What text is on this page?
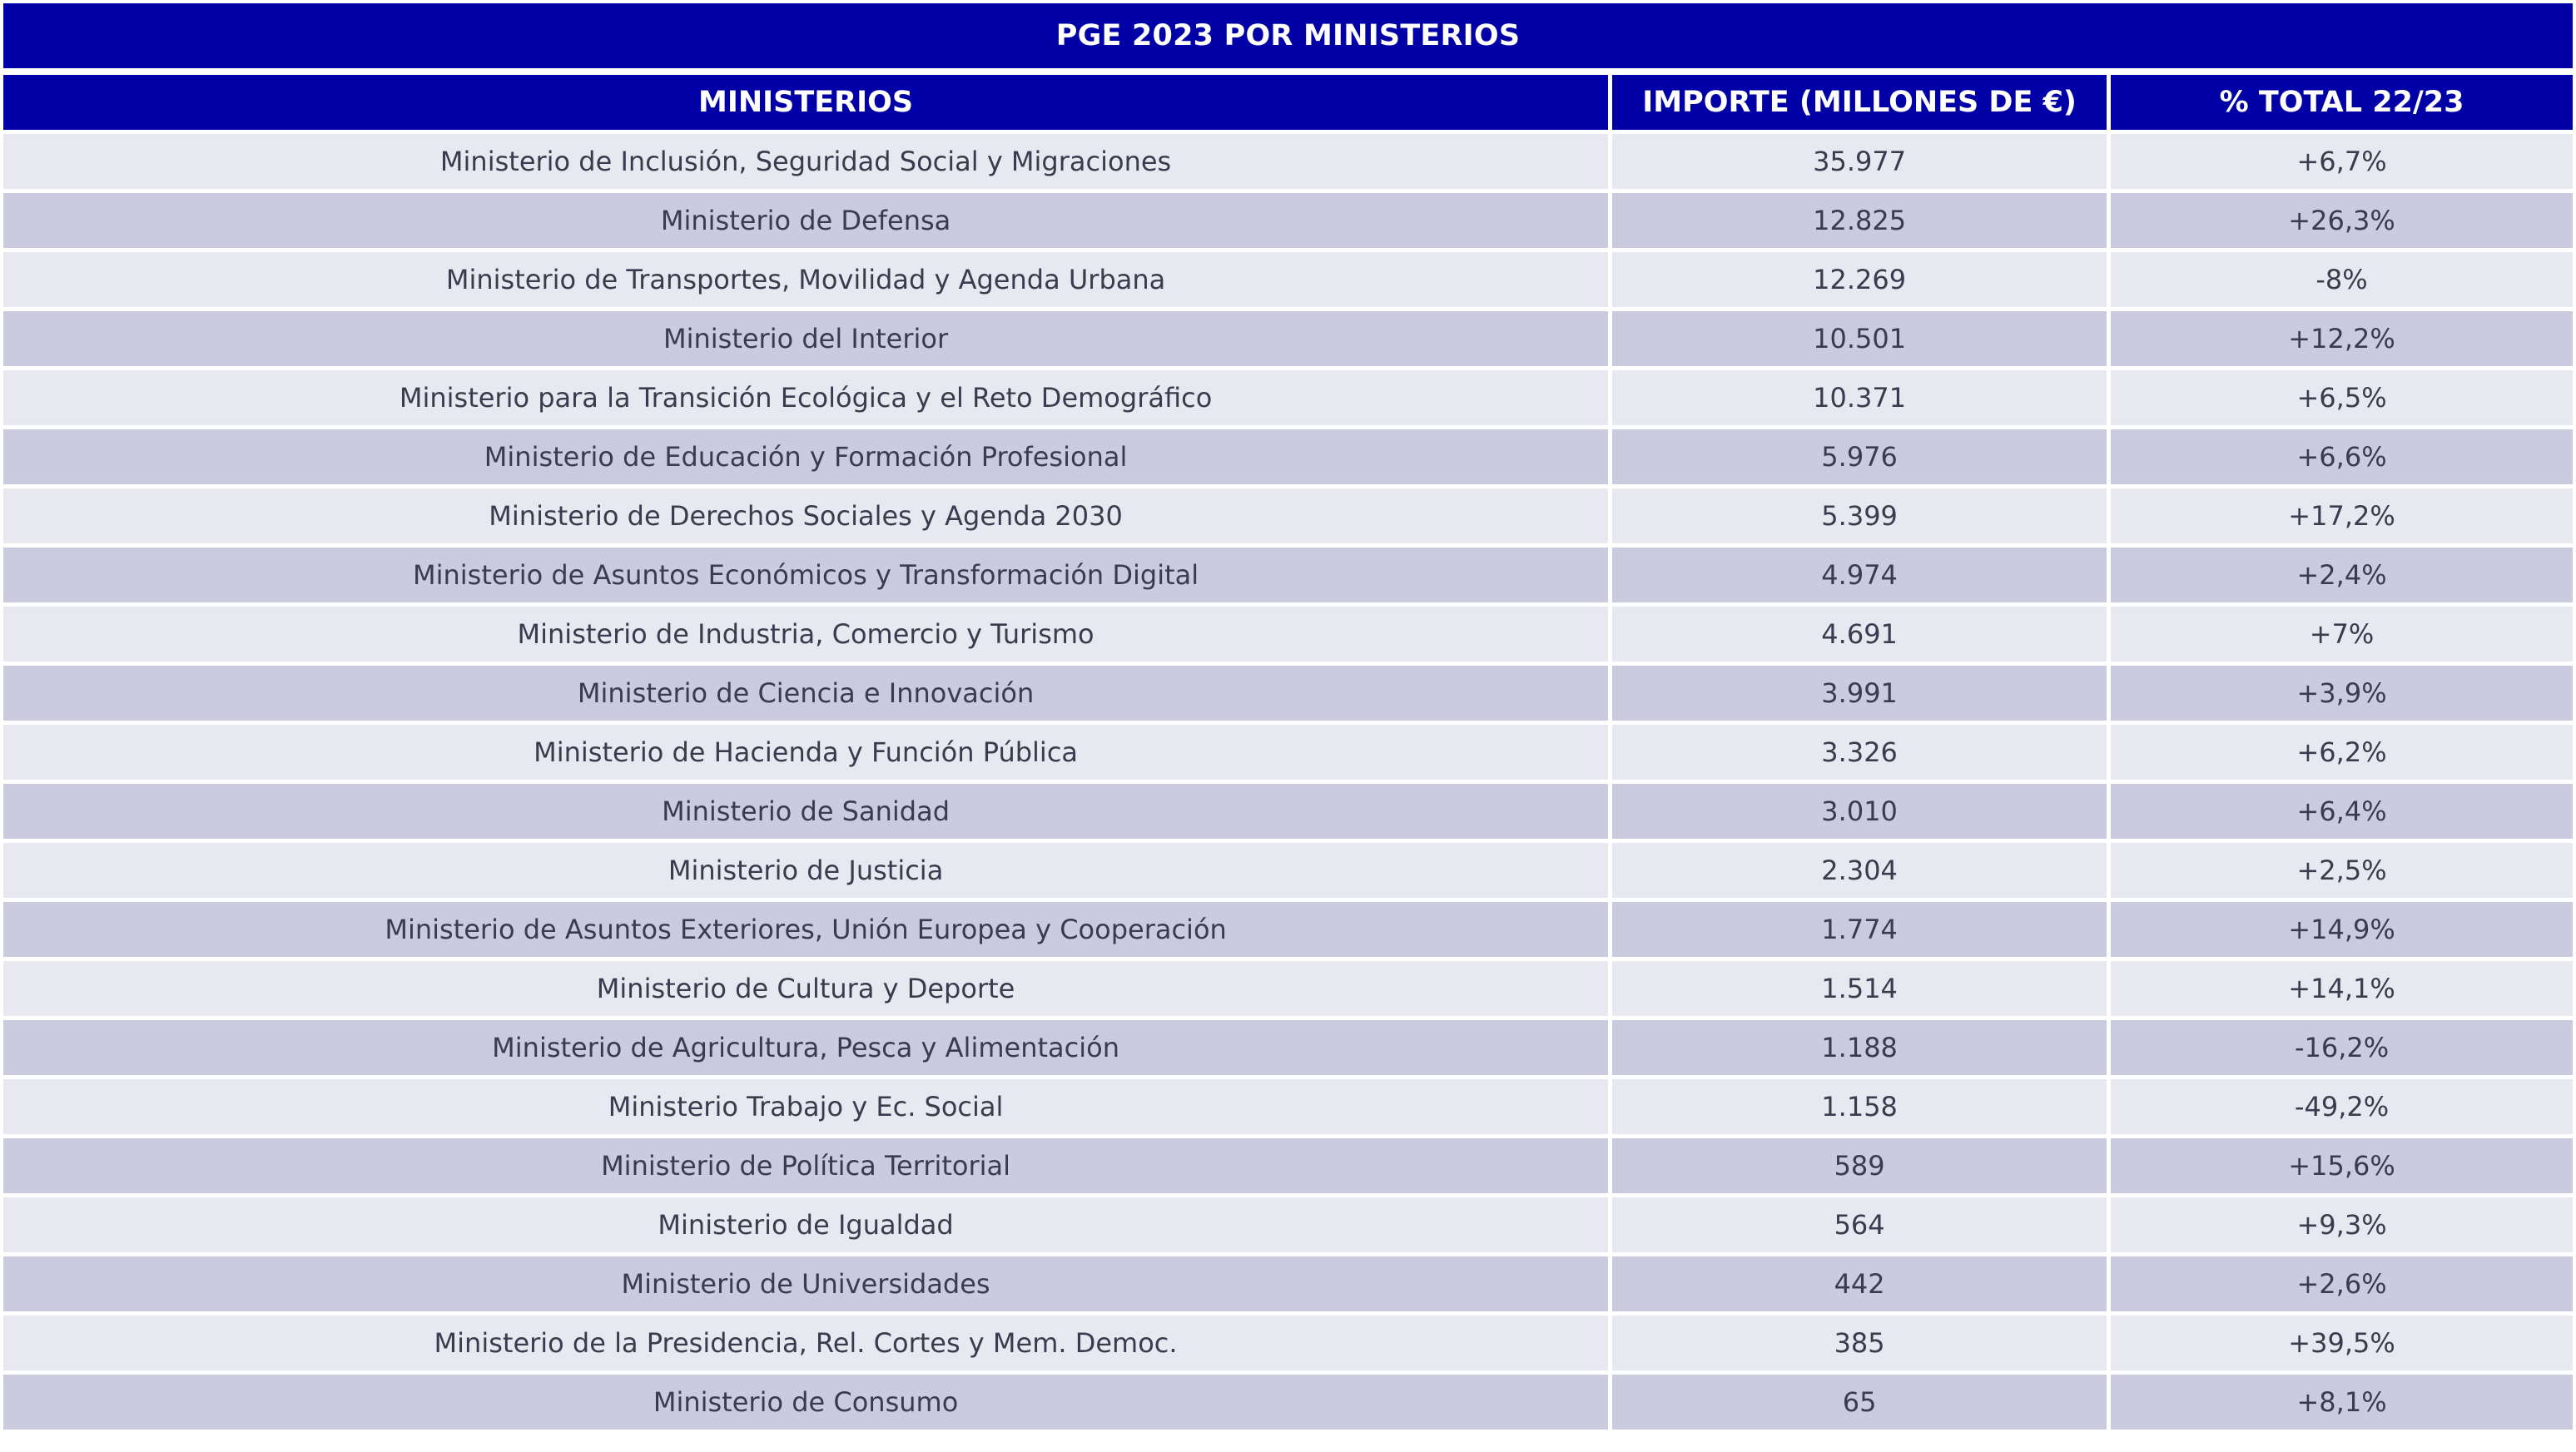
PGE 2023 POR MINISTERIOS
MINISTERIOS	IMPORTE (MILLONES DE €)	% TOTAL 22/23
Ministerio de Inclusión, Seguridad Social y Migraciones	35.977	+6,7%
Ministerio de Defensa	12.825	+26,3%
Ministerio de Transportes, Movilidad y Agenda Urbana	12.269	-8%
Ministerio del Interior	10.501	+12,2%
Ministerio para la Transición Ecológica y el Reto Demográfico	10.371	+6,5%
Ministerio de Educación y Formación Profesional	5.976	+6,6%
Ministerio de Derechos Sociales y Agenda 2030	5.399	+17,2%
Ministerio de Asuntos Económicos y Transformación Digital	4.974	+2,4%
Ministerio de Industria, Comercio y Turismo	4.691	+7%
Ministerio de Ciencia e Innovación	3.991	+3,9%
Ministerio de Hacienda y Función Pública	3.326	+6,2%
Ministerio de Sanidad	3.010	+6,4%
Ministerio de Justicia	2.304	+2,5%
Ministerio de Asuntos Exteriores, Unión Europea y Cooperación	1.774	+14,9%
Ministerio de Cultura y Deporte	1.514	+14,1%
Ministerio de Agricultura, Pesca y Alimentación	1.188	-16,2%
Ministerio Trabajo y Ec. Social	1.158	-49,2%
Ministerio de Política Territorial	589	+15,6%
Ministerio de Igualdad	564	+9,3%
Ministerio de Universidades	442	+2,6%
Ministerio de la Presidencia, Rel. Cortes y Mem. Democ.	385	+39,5%
Ministerio de Consumo	65	+8,1%
